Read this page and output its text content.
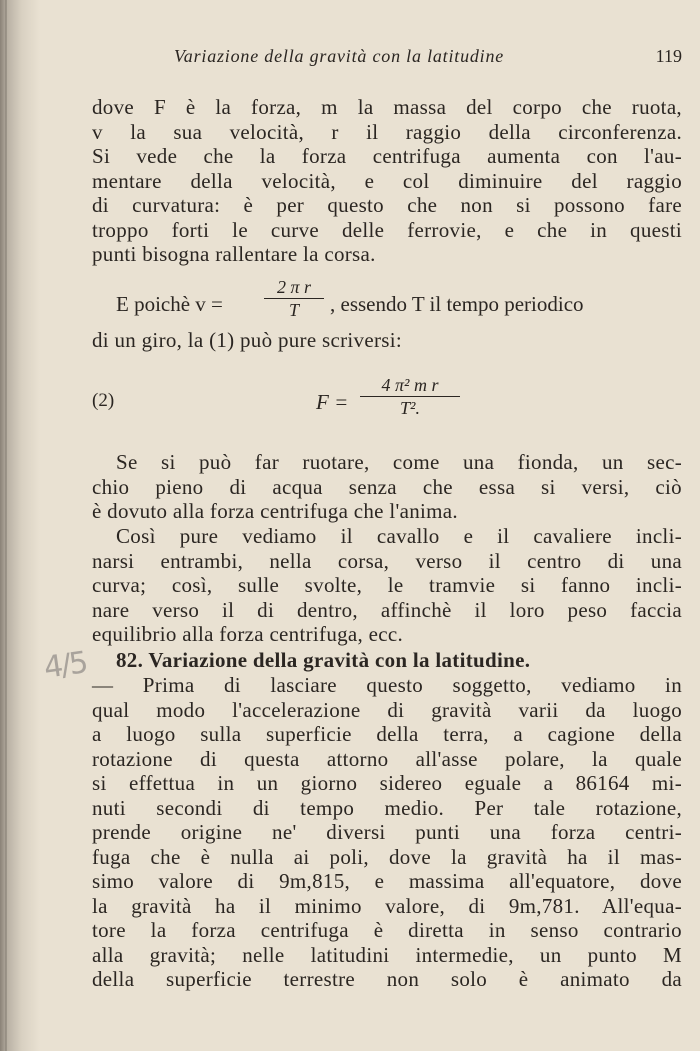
Variazione della gravità con la latitudine	119
dove F è la forza, m la massa del corpo che ruota,
v la sua velocità, r il raggio della circonferenza.
Si vede che la forza centrifuga aumenta con l'au-
mentare della velocità, e col diminuire del raggio
di curvatura: è per questo che non si possono fare
troppo forti le curve delle ferrovie, e che in questi
punti bisogna rallentare la corsa.
E poichè v =
2 π r
T	, essendo T il tempo periodico
di un giro, la (1) può pure scriversi:
(2)	F =
4 π² m r
T².
Se si può far ruotare, come una fionda, un sec-
chio pieno di acqua senza che essa si versi, ciò
è dovuto alla forza centrifuga che l'anima.
Così pure vediamo il cavallo e il cavaliere incli-
narsi entrambi, nella corsa, verso il centro di una
curva; così, sulle svolte, le tramvie si fanno incli-
nare verso il di dentro, affinchè il loro peso faccia
equilibrio alla forza centrifuga, ecc.
82. Variazione della gravità con la latitudine.
4/5 — Prima di lasciare questo soggetto, vediamo in
qual modo l'accelerazione di gravità varii da luogo
a luogo sulla superficie della terra, a cagione della
rotazione di questa attorno all'asse polare, la quale
si effettua in un giorno sidereo eguale a 86164 mi-
nuti secondi di tempo medio. Per tale rotazione,
prende origine ne' diversi punti una forza centri-
fuga che è nulla ai poli, dove la gravità ha il mas-
simo valore di 9m,815, e massima all'equatore, dove
la gravità ha il minimo valore, di 9m,781. All'equa-
tore la forza centrifuga è diretta in senso contrario
alla gravità; nelle latitudini intermedie, un punto M
della superficie terrestre non solo è animato da
